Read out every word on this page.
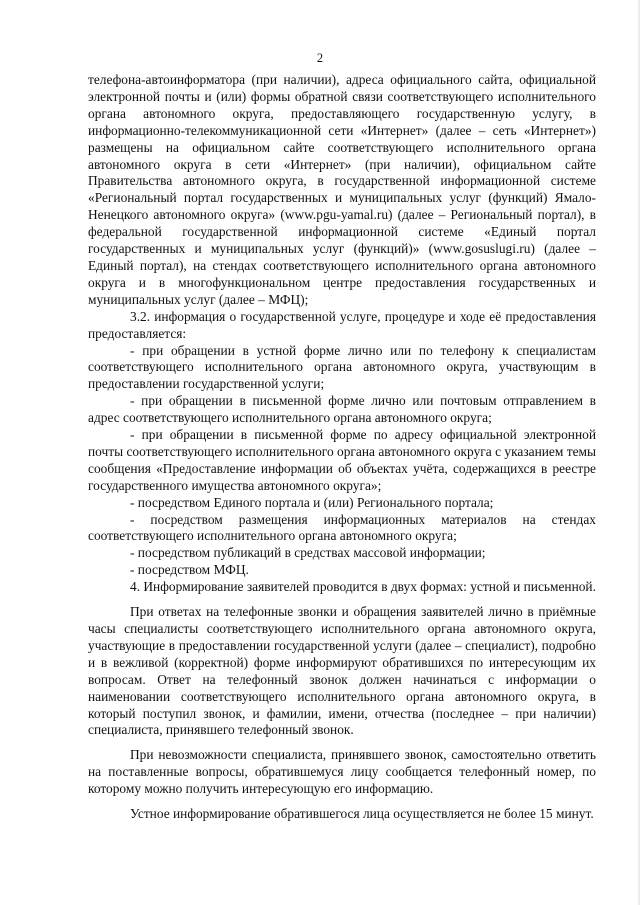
2

телефона-автоинформатора (при наличии), адреса официального сайта, официальной электронной почты и (или) формы обратной связи соответствующего исполнительного органа автономного округа, предоставляющего государственную услугу, в информационно-телекоммуникационной сети «Интернет» (далее – сеть «Интернет») размещены на официальном сайте соответствующего исполнительного органа автономного округа в сети «Интернет» (при наличии), официальном сайте Правительства автономного округа, в государственной информационной системе «Региональный портал государственных и муниципальных услуг (функций) Ямало-Ненецкого автономного округа» (www.pgu-yamal.ru) (далее – Региональный портал), в федеральной государственной информационной системе «Единый портал государственных и муниципальных услуг (функций)» (www.gosuslugi.ru) (далее – Единый портал), на стендах соответствующего исполнительного органа автономного округа и в многофункциональном центре предоставления государственных и муниципальных услуг (далее – МФЦ);

3.2. информация о государственной услуге, процедуре и ходе её предоставления предоставляется:

- при обращении в устной форме лично или по телефону к специалистам соответствующего исполнительного органа автономного округа, участвующим в предоставлении государственной услуги;

- при обращении в письменной форме лично или почтовым отправлением в адрес соответствующего исполнительного органа автономного округа;

- при обращении в письменной форме по адресу официальной электронной почты соответствующего исполнительного органа автономного округа с указанием темы сообщения «Предоставление информации об объектах учёта, содержащихся в реестре государственного имущества автономного округа»;

- посредством Единого портала и (или) Регионального портала;

- посредством размещения информационных материалов на стендах соответствующего исполнительного органа автономного округа;

- посредством публикаций в средствах массовой информации;

- посредством МФЦ.

4. Информирование заявителей проводится в двух формах: устной и письменной.

При ответах на телефонные звонки и обращения заявителей лично в приёмные часы специалисты соответствующего исполнительного органа автономного округа, участвующие в предоставлении государственной услуги (далее – специалист), подробно и в вежливой (корректной) форме информируют обратившихся по интересующим их вопросам. Ответ на телефонный звонок должен начинаться с информации о наименовании соответствующего исполнительного органа автономного округа, в который поступил звонок, и фамилии, имени, отчества (последнее – при наличии) специалиста, принявшего телефонный звонок.

При невозможности специалиста, принявшего звонок, самостоятельно ответить на поставленные вопросы, обратившемуся лицу сообщается телефонный номер, по которому можно получить интересующую его информацию.

Устное информирование обратившегося лица осуществляется не более 15 минут.
